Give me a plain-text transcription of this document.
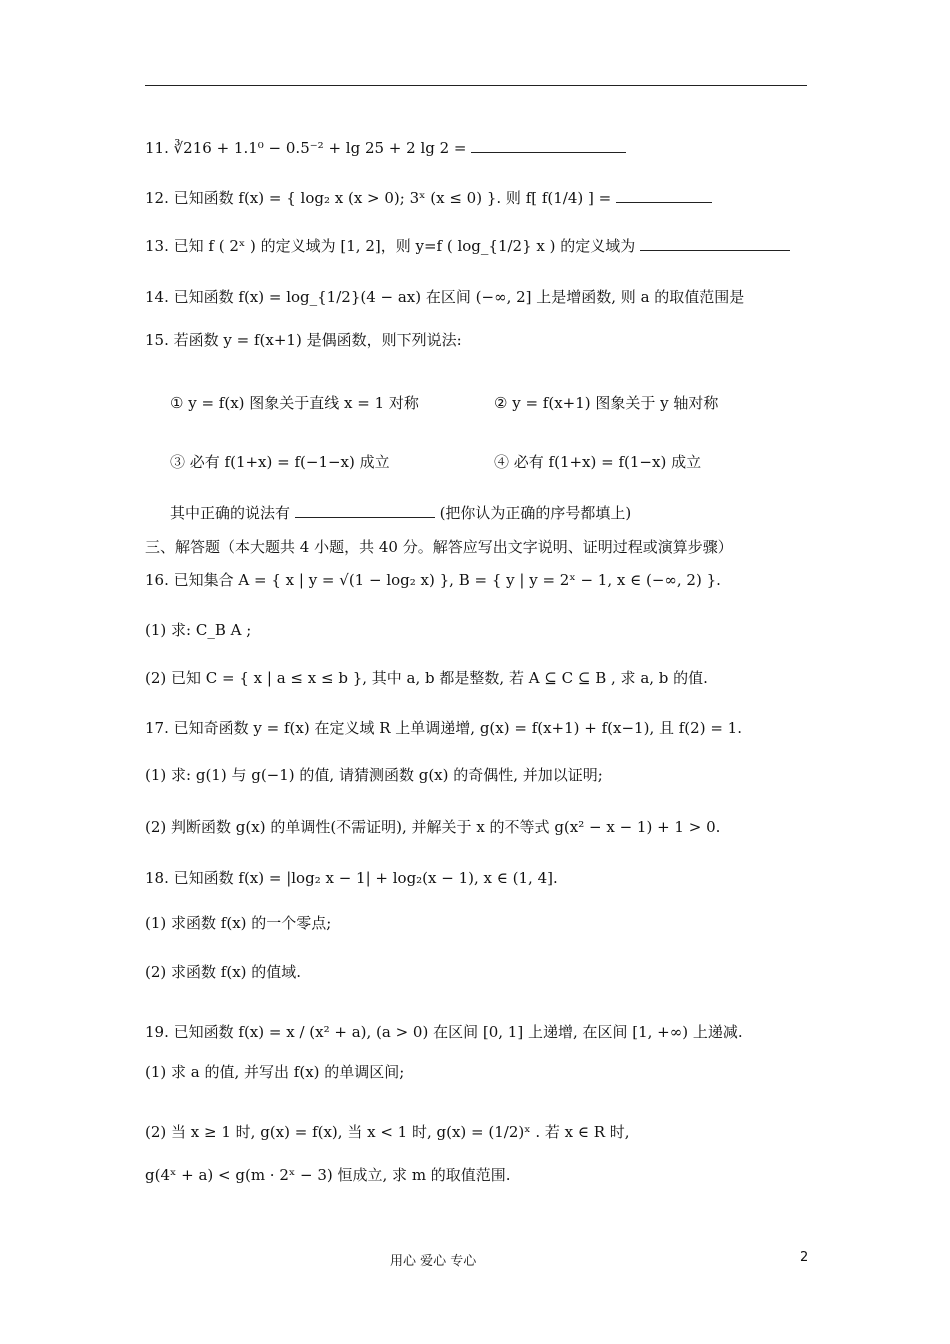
11. ∛216 + 1.1⁰ − 0.5⁻² + lg 25 + 2 lg 2 =
12. 已知函数 f(x) = { log₂ x (x > 0); 3ˣ (x ≤ 0) }. 则 f[ f(1/4) ] =
13. 已知 f ( 2ˣ ) 的定义域为 [1, 2]，则 y=f ( log_{1/2} x ) 的定义域为
14. 已知函数 f(x) = log_{1/2}(4 − ax) 在区间 (−∞, 2] 上是增函数, 则 a 的取值范围是
15. 若函数 y = f(x+1) 是偶函数，则下列说法:
① y = f(x) 图象关于直线 x = 1 对称	② y = f(x+1) 图象关于 y 轴对称
③ 必有 f(1+x) = f(−1−x) 成立	④ 必有 f(1+x) = f(1−x) 成立
其中正确的说法有	(把你认为正确的序号都填上)
三、解答题（本大题共 4 小题，共 40 分。解答应写出文字说明、证明过程或演算步骤）
16. 已知集合 A = { x | y = √(1 − log₂ x) }, B = { y | y = 2ˣ − 1, x ∈ (−∞, 2) }.
(1) 求: C_B A ;
(2) 已知 C = { x | a ≤ x ≤ b }, 其中 a, b 都是整数, 若 A ⊆ C ⊆ B , 求 a, b 的值.
17. 已知奇函数 y = f(x) 在定义域 R 上单调递增, g(x) = f(x+1) + f(x−1), 且 f(2) = 1.
(1) 求: g(1) 与 g(−1) 的值, 请猜测函数 g(x) 的奇偶性, 并加以证明;
(2) 判断函数 g(x) 的单调性(不需证明), 并解关于 x 的不等式 g(x² − x − 1) + 1 > 0.
18. 已知函数 f(x) = |log₂ x − 1| + log₂(x − 1), x ∈ (1, 4].
(1) 求函数 f(x) 的一个零点;
(2) 求函数 f(x) 的值域.
19. 已知函数 f(x) = x / (x² + a), (a > 0) 在区间 [0, 1] 上递增, 在区间 [1, +∞) 上递减.
(1) 求 a 的值, 并写出 f(x) 的单调区间;
(2) 当 x ≥ 1 时, g(x) = f(x), 当 x < 1 时, g(x) = (1/2)ˣ . 若 x ∈ R 时,
g(4ˣ + a) < g(m · 2ˣ − 3) 恒成立, 求 m 的取值范围.
用心 爱心 专心	2
